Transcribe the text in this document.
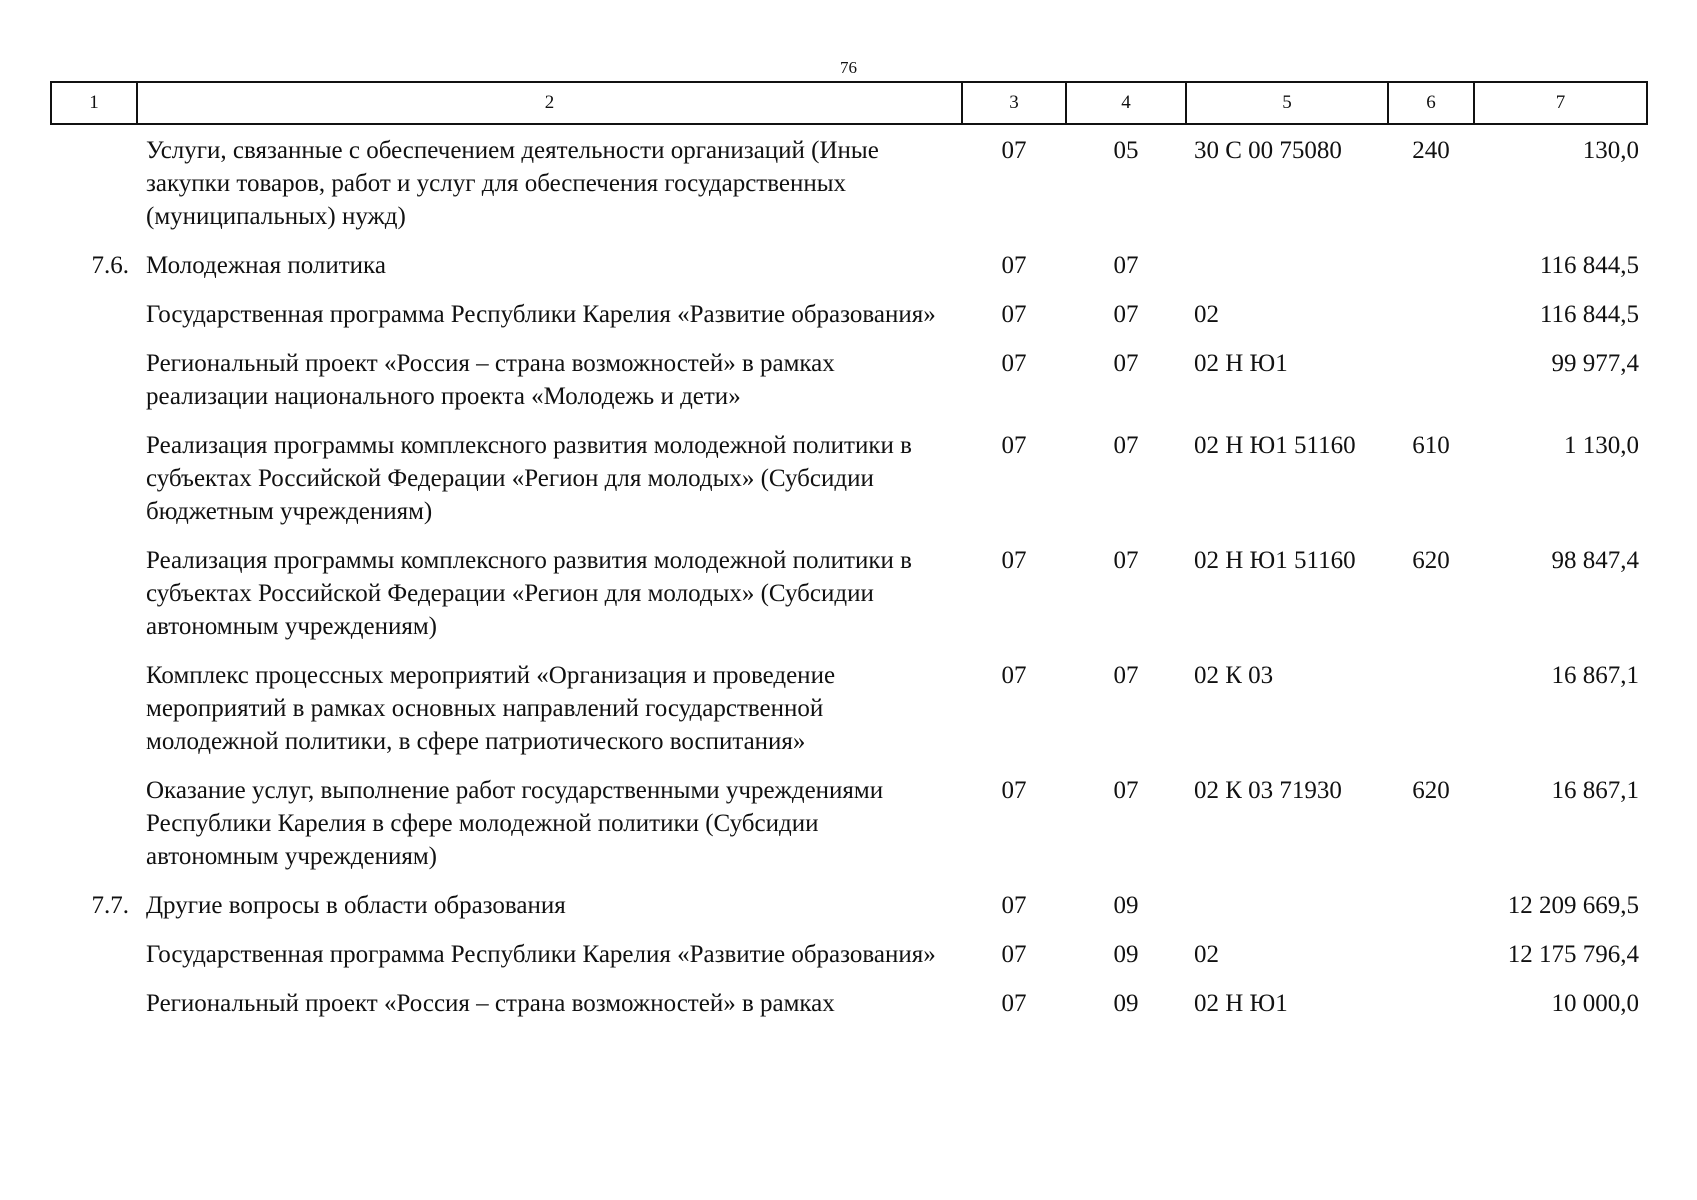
76
1	2	3	4	5	6	7
	Услуги, связанные с обеспечением деятельности организаций (Иные закупки товаров, работ и услуг для обеспечения государственных (муниципальных) нужд)	07	05	30 С 00 75080	240	130,0
7.6.	Молодежная политика	07	07			116 844,5
	Государственная программа Республики Карелия «Развитие образования»	07	07	02		116 844,5
	Региональный проект «Россия – страна возможностей» в рамках реализации национального проекта «Молодежь и дети»	07	07	02 Н Ю1		99 977,4
	Реализация программы комплексного развития молодежной политики в субъектах Российской Федерации «Регион для молодых» (Субсидии бюджетным учреждениям)	07	07	02 Н Ю1 51160	610	1 130,0
	Реализация программы комплексного развития молодежной политики в субъектах Российской Федерации «Регион для молодых» (Субсидии автономным учреждениям)	07	07	02 Н Ю1 51160	620	98 847,4
	Комплекс процессных мероприятий «Организация и проведение мероприятий в рамках основных направлений государственной молодежной политики, в сфере патриотического воспитания»	07	07	02 К 03		16 867,1
	Оказание услуг, выполнение работ государственными учреждениями Республики Карелия в сфере молодежной политики (Субсидии автономным учреждениям)	07	07	02 К 03 71930	620	16 867,1
7.7.	Другие вопросы в области образования	07	09			12 209 669,5
	Государственная программа Республики Карелия «Развитие образования»	07	09	02		12 175 796,4
	Региональный проект «Россия – страна возможностей» в рамках	07	09	02 Н Ю1		10 000,0
